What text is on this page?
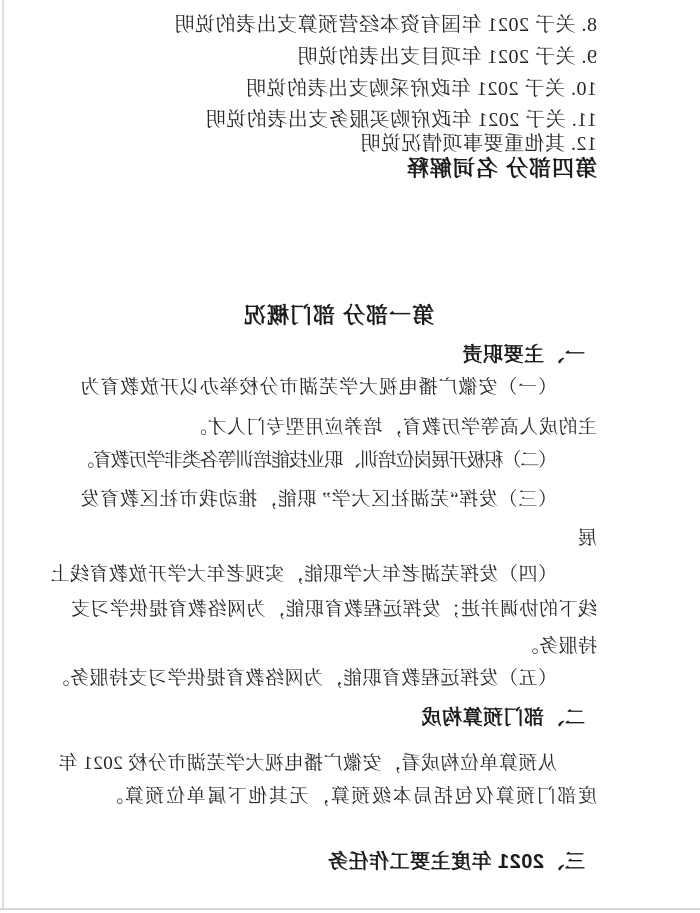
8. 关于 2021 年国有资本经营预算支出表的说明
9. 关于 2021 年项目支出表的说明
10. 关于 2021 年政府采购支出表的说明
11. 关于 2021 年政府购买服务支出表的说明
12. 其他重要事项情况说明
第四部分 名词解释
第一部分 部门概况
一、主要职责
（一）安徽广播电视大学芜湖市分校举办以开放教育为
主的成人高等学历教育，培养应用型专门人才。
（二）积极开展岗位培训、职业技能培训等各类非学历教育。
（三）发挥“芜湖社区大学” 职能，推动我市社区教育发
展
（四）发挥芜湖老年大学职能，实现老年大学开放教育线上
线下的协调并进；发挥远程教育职能，为网络教育提供学习支
持服务。
（五）发挥远程教育职能，为网络教育提供学习支持服务。
二、部门预算构成
从预算单位构成看，安徽广播电视大学芜湖市分校 2021 年
度部门预算仅包括局本级预算，无其他下属单位预算。
三、2021 年度主要工作任务
